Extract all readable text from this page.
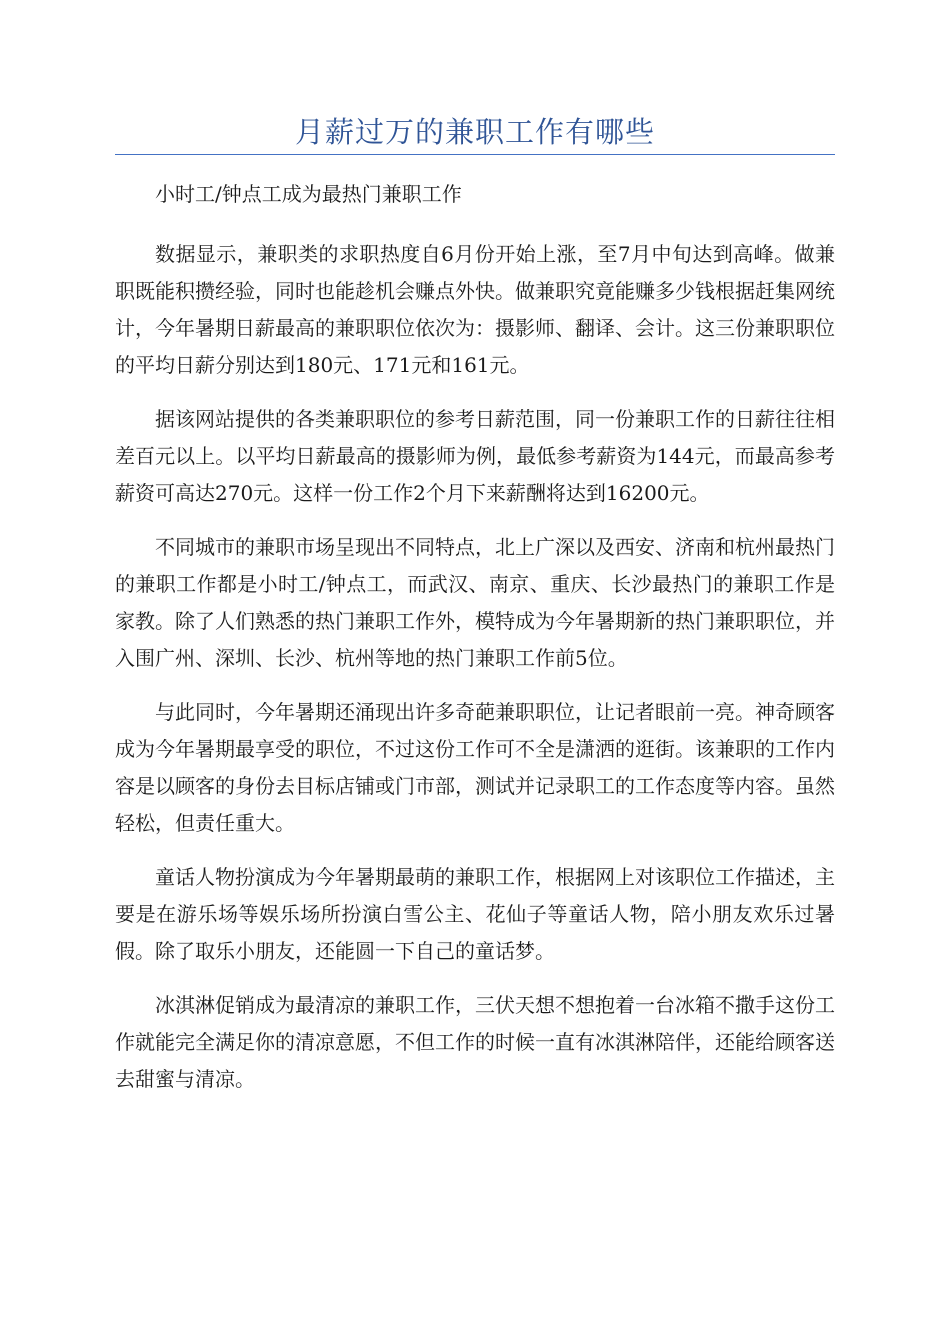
月薪过万的兼职工作有哪些

小时工/钟点工成为最热门兼职工作

数据显示，兼职类的求职热度自6月份开始上涨，至7月中旬达到高峰。做兼职既能积攒经验，同时也能趁机会赚点外快。做兼职究竟能赚多少钱根据赶集网统计，今年暑期日薪最高的兼职职位依次为：摄影师、翻译、会计。这三份兼职职位的平均日薪分别达到180元、171元和161元。

据该网站提供的各类兼职职位的参考日薪范围，同一份兼职工作的日薪往往相差百元以上。以平均日薪最高的摄影师为例，最低参考薪资为144元，而最高参考薪资可高达270元。这样一份工作2个月下来薪酬将达到16200元。

不同城市的兼职市场呈现出不同特点，北上广深以及西安、济南和杭州最热门的兼职工作都是小时工/钟点工，而武汉、南京、重庆、长沙最热门的兼职工作是家教。除了人们熟悉的热门兼职工作外，模特成为今年暑期新的热门兼职职位，并入围广州、深圳、长沙、杭州等地的热门兼职工作前5位。

与此同时，今年暑期还涌现出许多奇葩兼职职位，让记者眼前一亮。神奇顾客成为今年暑期最享受的职位，不过这份工作可不全是潇洒的逛街。该兼职的工作内容是以顾客的身份去目标店铺或门市部，测试并记录职工的工作态度等内容。虽然轻松，但责任重大。

童话人物扮演成为今年暑期最萌的兼职工作，根据网上对该职位工作描述，主要是在游乐场等娱乐场所扮演白雪公主、花仙子等童话人物，陪小朋友欢乐过暑假。除了取乐小朋友，还能圆一下自己的童话梦。

冰淇淋促销成为最清凉的兼职工作，三伏天想不想抱着一台冰箱不撒手这份工作就能完全满足你的清凉意愿，不但工作的时候一直有冰淇淋陪伴，还能给顾客送去甜蜜与清凉。
